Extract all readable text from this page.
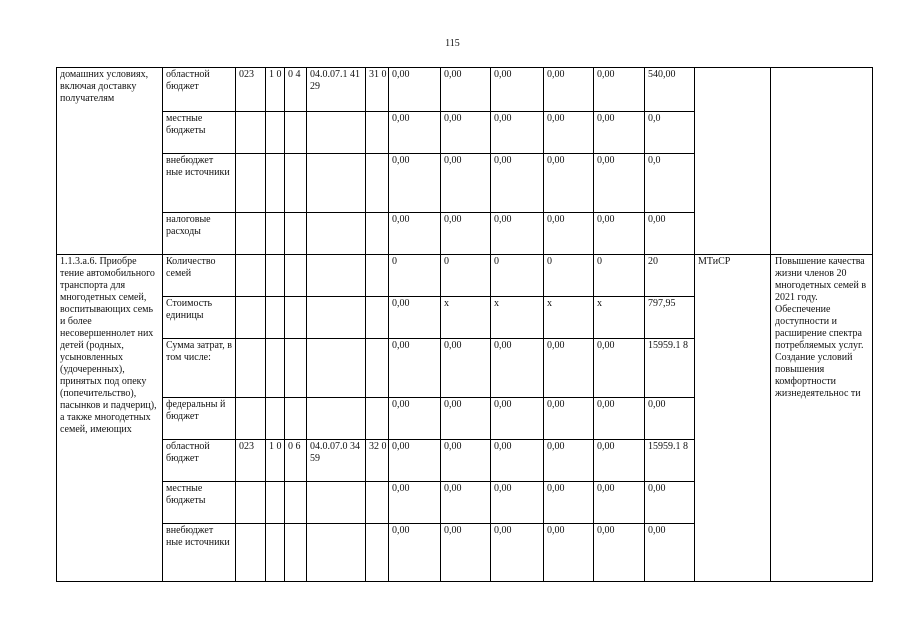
115
домашних условиях, включая доставку получателям	областной бюджет	023	1 0	0 4	04.0.07.1 4129	31 0	0,00	0,00	0,00	0,00	0,00	540,00		
	местные бюджеты						0,00	0,00	0,00	0,00	0,00	0,0		
	внебюджет ные источники						0,00	0,00	0,00	0,00	0,00	0,0		
	налоговые расходы						0,00	0,00	0,00	0,00	0,00	0,00		
1.1.3.а.6. Приобре тение автомобильного транспорта для многодетных семей, воспитывающих семь и более несовершеннолет них детей (родных, усыновленных (удочеренных), принятых под опеку (попечительство), пасынков и падчериц), а также многодетных семей, имеющих	Количество семей						0	0	0	0	0	20	МТиСР	Повышение качества жизни членов 20 многодетных семей в 2021 году. Обеспечение доступности и расширение спектра потребляемых услуг. Создание условий повышения комфортности жизнедеятельнос ти
	Стоимость единицы						0,00	х	х	х	х	797,95		
	Сумма затрат, в том числе:						0,00	0,00	0,00	0,00	0,00	15959.1 8		
	федеральны й бюджет						0,00	0,00	0,00	0,00	0,00	0,00		
	областной бюджет	023	1 0	0 6	04.0.07.0 3459	32 0	0,00	0,00	0,00	0,00	0,00	15959.1 8		
	местные бюджеты						0,00	0,00	0,00	0,00	0,00	0,00		
	внебюджет ные источники						0,00	0,00	0,00	0,00	0,00	0,00		
